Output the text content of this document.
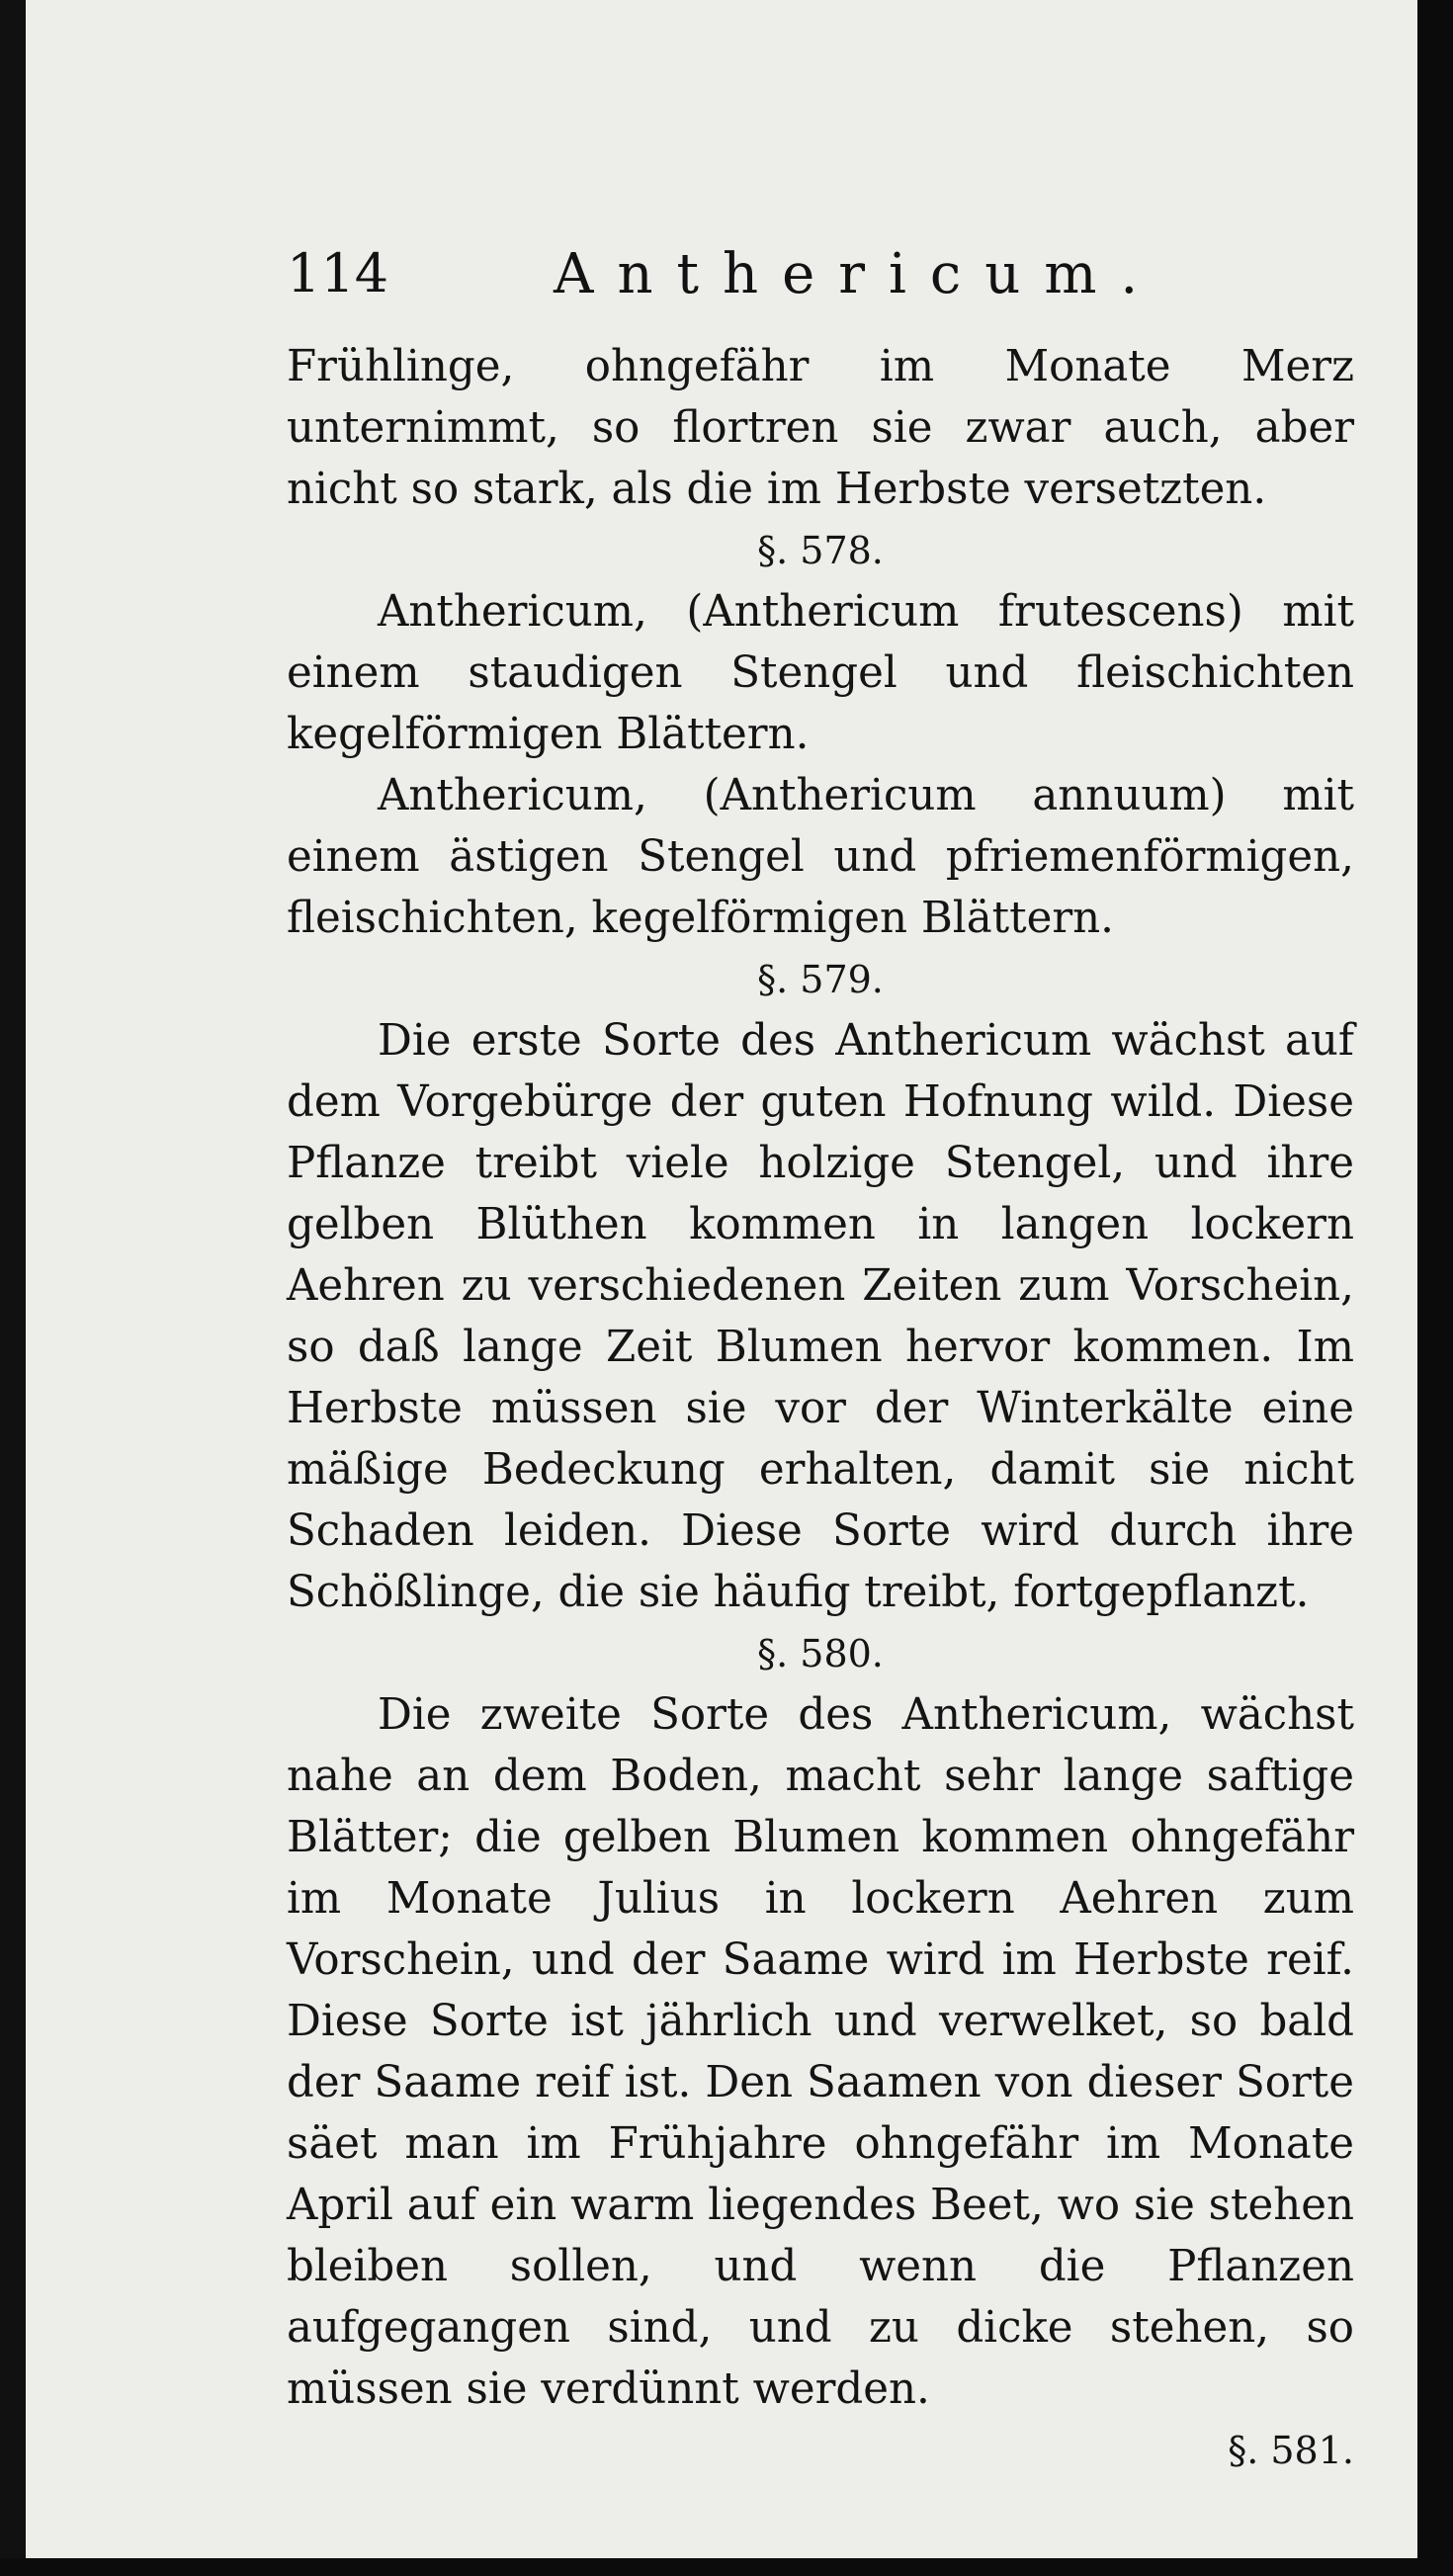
114	Anthericum.

Frühlinge, ohngefähr im Monate Merz unternimmt, so flortren sie zwar auch, aber nicht so stark, als die im Herbste versetzten.

§. 578.

Anthericum, (Anthericum frutescens) mit einem staudigen Stengel und fleischichten kegelförmigen Blättern.

Anthericum, (Anthericum annuum) mit einem ästigen Stengel und pfriemenförmigen, fleischichten, kegelförmigen Blättern.

§. 579.

Die erste Sorte des Anthericum wächst auf dem Vorgebürge der guten Hofnung wild. Diese Pflanze treibt viele holzige Stengel, und ihre gelben Blüthen kommen in langen lockern Aehren zu verschiedenen Zeiten zum Vorschein, so daß lange Zeit Blumen hervor kommen. Im Herbste müssen sie vor der Winterkälte eine mäßige Bedeckung erhalten, damit sie nicht Schaden leiden. Diese Sorte wird durch ihre Schößlinge, die sie häufig treibt, fortgepflanzt.

§. 580.

Die zweite Sorte des Anthericum, wächst nahe an dem Boden, macht sehr lange saftige Blätter; die gelben Blumen kommen ohngefähr im Monate Julius in lockern Aehren zum Vorschein, und der Saame wird im Herbste reif. Diese Sorte ist jährlich und verwelket, so bald der Saame reif ist. Den Saamen von dieser Sorte säet man im Frühjahre ohngefähr im Monate April auf ein warm liegendes Beet, wo sie stehen bleiben sollen, und wenn die Pflanzen aufgegangen sind, und zu dicke stehen, so müssen sie verdünnt werden.

§. 581.
